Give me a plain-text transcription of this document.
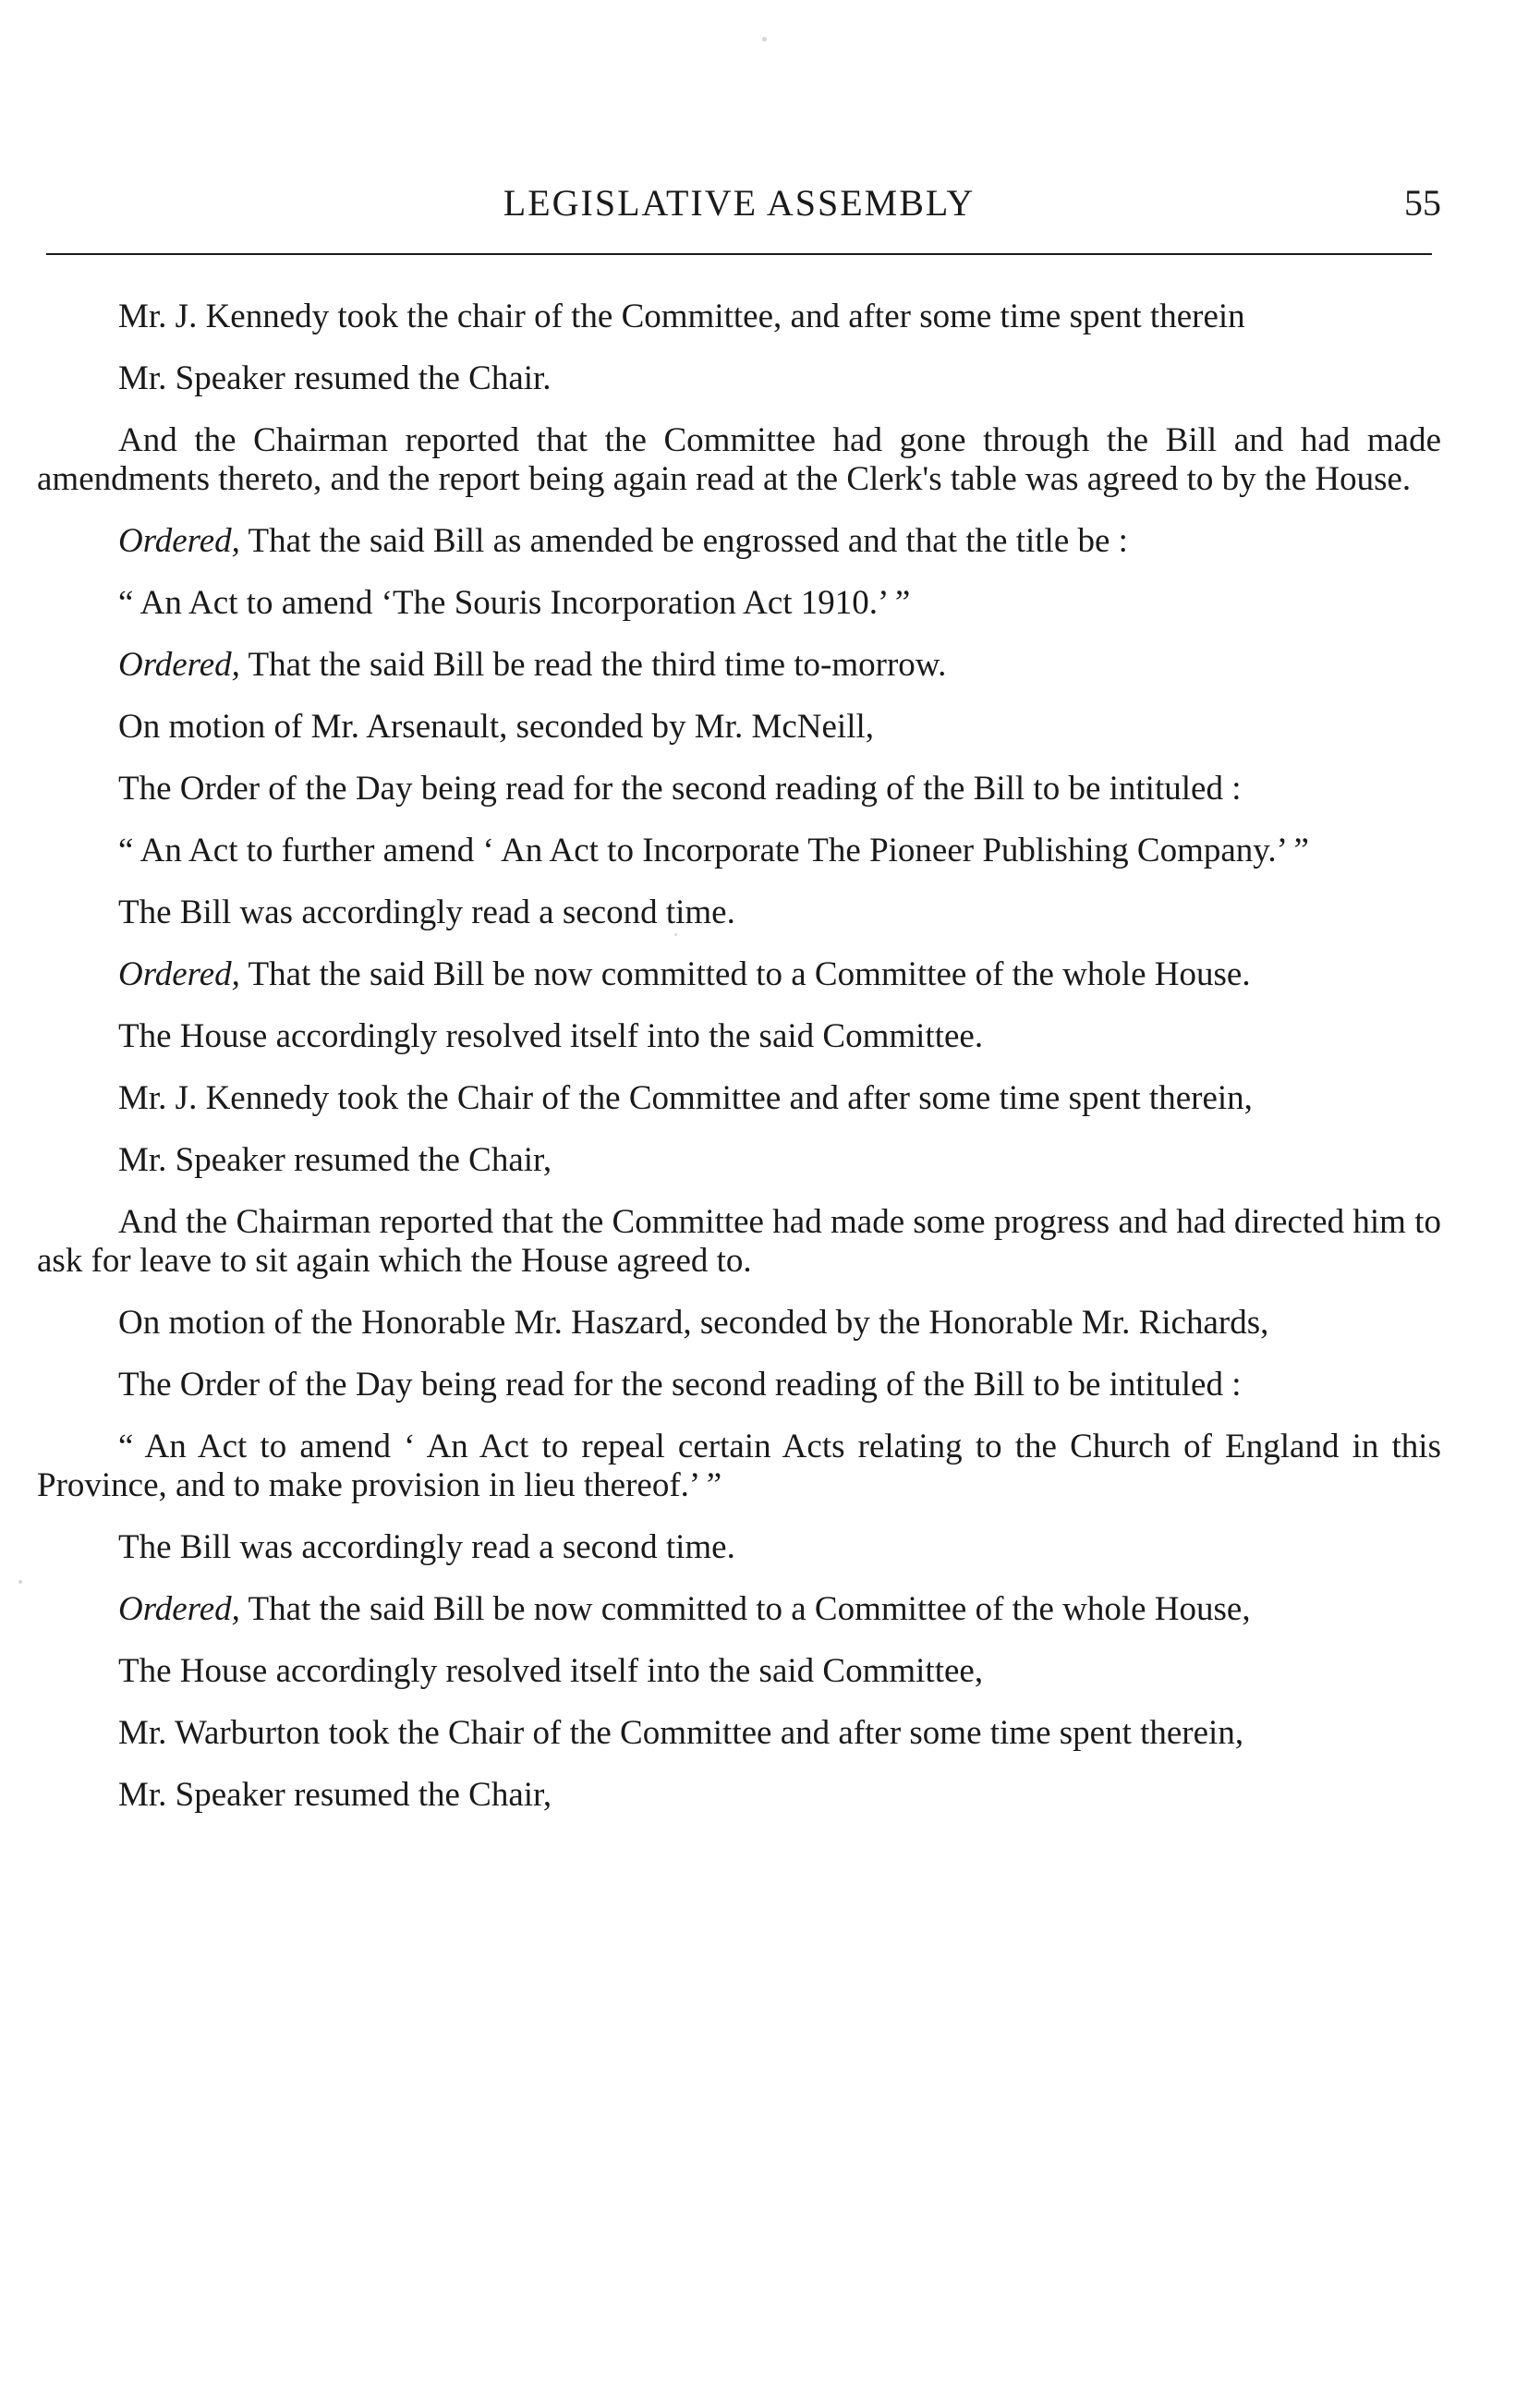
LEGISLATIVE ASSEMBLY	55

Mr. J. Kennedy took the chair of the Committee, and after some time spent therein

Mr. Speaker resumed the Chair.

And the Chairman reported that the Committee had gone through the Bill and had made amendments thereto, and the report being again read at the Clerk's table was agreed to by the House.

Ordered, That the said Bill as amended be engrossed and that the title be :

“ An Act to amend ‘The Souris Incorporation Act 1910.’ ”

Ordered, That the said Bill be read the third time to-morrow.

On motion of Mr. Arsenault, seconded by Mr. McNeill,

The Order of the Day being read for the second reading of the Bill to be intituled :

“ An Act to further amend ‘ An Act to Incorporate The Pioneer Publishing Company.’ ”

The Bill was accordingly read a second time.

Ordered, That the said Bill be now committed to a Committee of the whole House.

The House accordingly resolved itself into the said Committee.

Mr. J. Kennedy took the Chair of the Committee and after some time spent therein,

Mr. Speaker resumed the Chair,

And the Chairman reported that the Committee had made some progress and had directed him to ask for leave to sit again which the House agreed to.

On motion of the Honorable Mr. Haszard, seconded by the Honorable Mr. Richards,

The Order of the Day being read for the second reading of the Bill to be intituled :

“ An Act to amend ‘ An Act to repeal certain Acts relating to the Church of England in this Province, and to make provision in lieu thereof.’ ”

The Bill was accordingly read a second time.

Ordered, That the said Bill be now committed to a Committee of the whole House,

The House accordingly resolved itself into the said Committee,

Mr. Warburton took the Chair of the Committee and after some time spent therein,

Mr. Speaker resumed the Chair,
